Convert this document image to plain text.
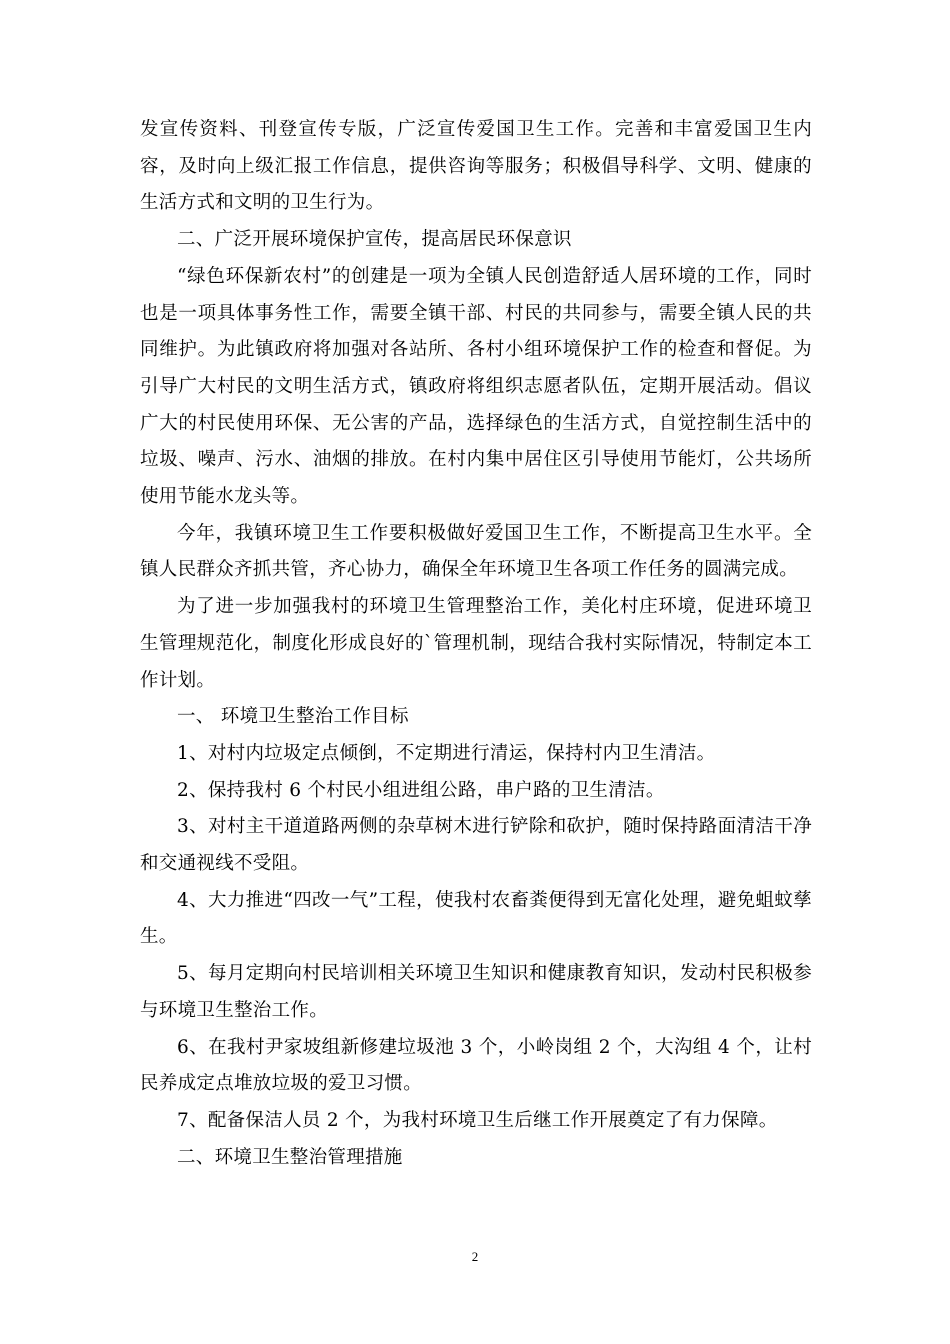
发宣传资料、刊登宣传专版，广泛宣传爱国卫生工作。完善和丰富爱国卫生内容，及时向上级汇报工作信息，提供咨询等服务；积极倡导科学、文明、健康的生活方式和文明的卫生行为。

二、广泛开展环境保护宣传，提高居民环保意识

“绿色环保新农村”的创建是一项为全镇人民创造舒适人居环境的工作，同时也是一项具体事务性工作，需要全镇干部、村民的共同参与，需要全镇人民的共同维护。为此镇政府将加强对各站所、各村小组环境保护工作的检查和督促。为引导广大村民的文明生活方式，镇政府将组织志愿者队伍，定期开展活动。倡议广大的村民使用环保、无公害的产品，选择绿色的生活方式，自觉控制生活中的垃圾、噪声、污水、油烟的排放。在村内集中居住区引导使用节能灯，公共场所使用节能水龙头等。

今年，我镇环境卫生工作要积极做好爱国卫生工作，不断提高卫生水平。全镇人民群众齐抓共管，齐心协力，确保全年环境卫生各项工作任务的圆满完成。

为了进一步加强我村的环境卫生管理整治工作，美化村庄环境，促进环境卫生管理规范化，制度化形成良好的`管理机制，现结合我村实际情况，特制定本工作计划。

一、 环境卫生整治工作目标

1、对村内垃圾定点倾倒，不定期进行清运，保持村内卫生清洁。

2、保持我村 6 个村民小组进组公路，串户路的卫生清洁。

3、对村主干道道路两侧的杂草树木进行铲除和砍护，随时保持路面清洁干净和交通视线不受阻。

4、大力推进“四改一气”工程，使我村农畜粪便得到无富化处理，避免蛆蚊孳生。

5、每月定期向村民培训相关环境卫生知识和健康教育知识，发动村民积极参与环境卫生整治工作。

6、在我村尹家坡组新修建垃圾池 3 个，小岭岗组 2 个，大沟组 4 个，让村民养成定点堆放垃圾的爱卫习惯。

7、配备保洁人员 2 个，为我村环境卫生后继工作开展奠定了有力保障。

二、环境卫生整治管理措施

2
